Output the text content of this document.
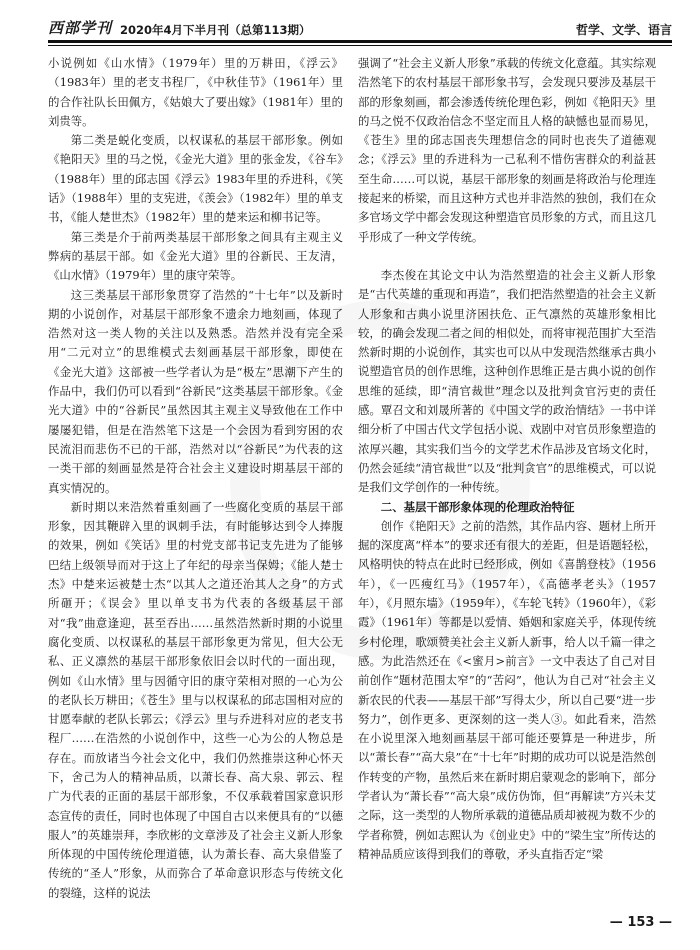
西部学刊 2020年4月下半月刊（总第113期）	哲学、文学、语言

小说例如《山水情》（1979年）里的万耕田，《浮云》（1983年）里的老支书程厂，《中秋佳节》（1961年）里的合作社队长田佩方，《姑娘大了要出嫁》（1981年）里的刘贵等。

第二类是蜕化变质，以权谋私的基层干部形象。例如《艳阳天》里的马之悦，《金光大道》里的张金发，《谷车》（1988年）里的邱志国《浮云》1983年里的乔进科，《笑话》（1988年）里的支宪进，《羡会》（1982年）里的单支书，《能人楚世杰》（1982年）里的楚来运和柳书记等。

第三类是介于前两类基层干部形象之间具有主观主义弊病的基层干部。如《金光大道》里的谷新民、王友清，《山水情》（1979年）里的康守荣等。

这三类基层干部形象贯穿了浩然的“十七年”以及新时期的小说创作，对基层干部形象不遗余力地刻画，体现了浩然对这一类人物的关注以及熟悉。浩然并没有完全采用“二元对立”的思维模式去刻画基层干部形象，即使在《金光大道》这部被一些学者认为是“极左”思潮下产生的作品中，我们仍可以看到“谷新民”这类基层干部形象。《金光大道》中的“谷新民”虽然因其主观主义导致他在工作中屡屡犯错，但是在浩然笔下这是一个会因为看到穷困的农民流泪而悲伤不已的干部，浩然对以“谷新民”为代表的这一类干部的刻画显然是符合社会主义建设时期基层干部的真实情况的。

新时期以来浩然着重刻画了一些腐化变质的基层干部形象，因其鞭辟入里的讽刺手法，有时能够达到令人捧腹的效果，例如《笑话》里的村党支部书记支先进为了能够巴结上级领导而对于这上了年纪的母亲当保姆；《能人楚士杰》中楚来运被楚士杰“以其人之道还治其人之身”的方式所砸开；《误会》里以单支书为代表的各级基层干部对“我”曲意逢迎，甚至吞出……虽然浩然新时期的小说里腐化变质、以权谋私的基层干部形象更为常见，但大公无私、正义凛然的基层干部形象依旧会以时代的一面出现，例如《山水情》里与因循守旧的康守荣相对照的一心为公的老队长万耕田；《苍生》里与以权谋私的邱志国相对应的甘愿奉献的老队长郭云；《浮云》里与乔进科对应的老支书程厂……在浩然的小说创作中，这些一心为公的人物总是存在。而放诸当今社会文化中，我们仍然推崇这种心怀天下，舍己为人的精神品质，以萧长春、高大泉、郭云、程广为代表的正面的基层干部形象，不仅承载着国家意识形态宣传的责任，同时也体现了中国自古以来便具有的“以德服人”的英雄崇拜，李欣彬的文章涉及了社会主义新人形象所体现的中国传统伦理道德，认为萧长春、高大泉借鉴了传统的“圣人”形象，从而弥合了革命意识形态与传统文化的裂缝，这样的说法

强调了“社会主义新人形象”承载的传统文化意蕴。其实综观浩然笔下的农村基层干部形象书写，会发现只要涉及基层干部的形象刻画，都会渗透传统伦理色彩，例如《艳阳天》里的马之悦不仅政治信念不坚定而且人格的缺憾也显而易见，《苍生》里的邱志国丧失理想信念的同时也丧失了道德观念；《浮云》里的乔进科为一己私利不惜伤害群众的利益甚至生命……可以说，基层干部形象的刻画是将政治与伦理连接起来的桥梁，而且这种方式也并非浩然的独创，我们在众多官场文学中都会发现这种塑造官员形象的方式，而且这几乎形成了一种文学传统。

李杰俊在其论文中认为浩然塑造的社会主义新人形象是“古代英雄的重现和再造”，我们把浩然塑造的社会主义新人形象和古典小说里济困扶危、正气凛然的英雄形象相比较，的确会发现二者之间的相似处，而将审视范围扩大至浩然新时期的小说创作，其实也可以从中发现浩然继承古典小说塑造官员的创作思维，这种创作思维正是古典小说的创作思维的延续，即“清官裁世”理念以及批判贪官污吏的责任感。覃召文和刘晟所著的《中国文学的政治情结》一书中详细分析了中国古代文学包括小说、戏剧中对官员形象塑造的浓厚兴趣，其实我们当今的文学艺术作品涉及官场文化时，仍然会延续“清官裁世”以及“批判贪官”的思维模式，可以说是我们文学创作的一种传统。

二、基层干部形象体现的伦理政治特征

创作《艳阳天》之前的浩然，其作品内容、题材上所开掘的深度离“样本”的要求还有很大的差距，但是语题轻松，风格明快的特点在此时已经形成，例如《喜鹊登枝》（1956年），《一匹瘦红马》（1957年），《高德孝老头》（1957年），《月照东墙》（1959年），《车轮飞转》（1960年），《彩霞》（1961年）等都是以爱情、婚姻和家庭关乎，体现传统乡村伦理，歌颂赞美社会主义新人新事，给人以千篇一律之感。为此浩然还在《<蜜月>前言》一文中表达了自己对目前创作“题材范围太窄”的“苦闷”，他认为自己对“社会主义新农民的代表——基层干部”写得太少，所以自己要“进一步努力”，创作更多、更深刻的这一类人③。如此看来，浩然在小说里深入地刻画基层干部可能还要算是一种进步，所以“萧长春”“高大泉”在“十七年”时期的成功可以说是浩然创作转变的产物，虽然后来在新时期启蒙观念的影响下，部分学者认为“萧长春”“高大泉”成仿伪饰，但“再解读”方兴未艾之际，这一类型的人物所承载的道德品质却被视为数不少的学者称赞，例如志熙认为《创业史》中的“梁生宝”所传达的精神品质应该得到我们的尊敬，矛头直指否定“梁

— 153 —
